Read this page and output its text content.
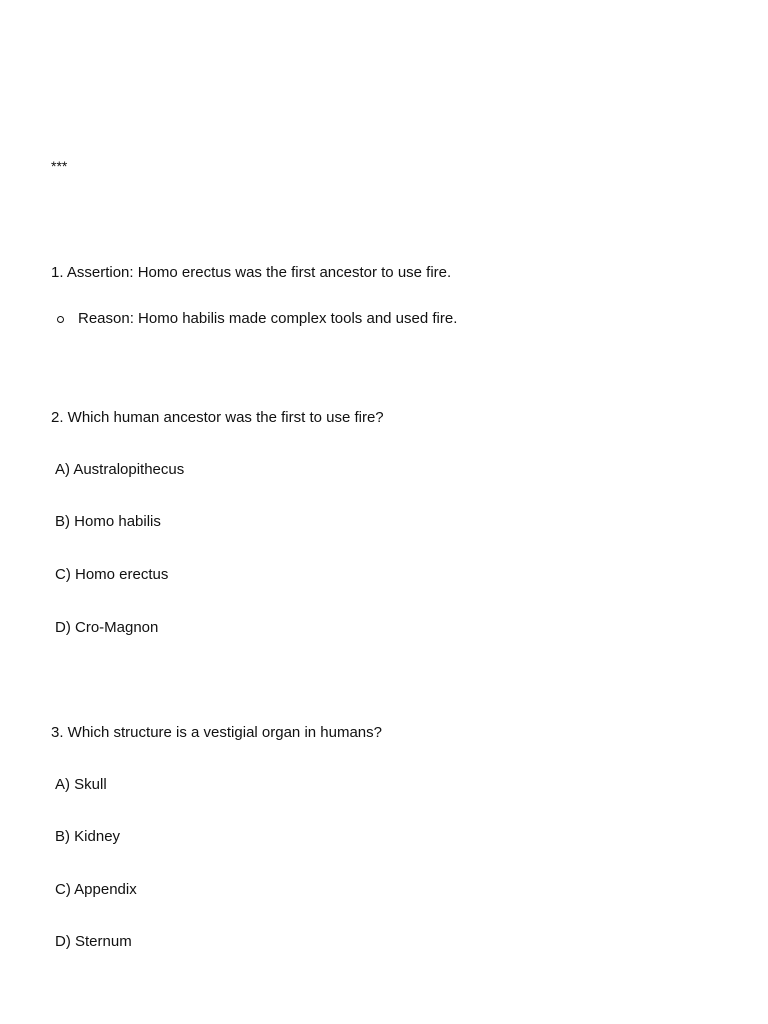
***

1. Assertion: Homo erectus was the first ancestor to use fire.

Reason: Homo habilis made complex tools and used fire.

2. Which human ancestor was the first to use fire?

A) Australopithecus

B) Homo habilis

C) Homo erectus

D) Cro-Magnon

3. Which structure is a vestigial organ in humans?

A) Skull

B) Kidney

C) Appendix

D) Sternum
